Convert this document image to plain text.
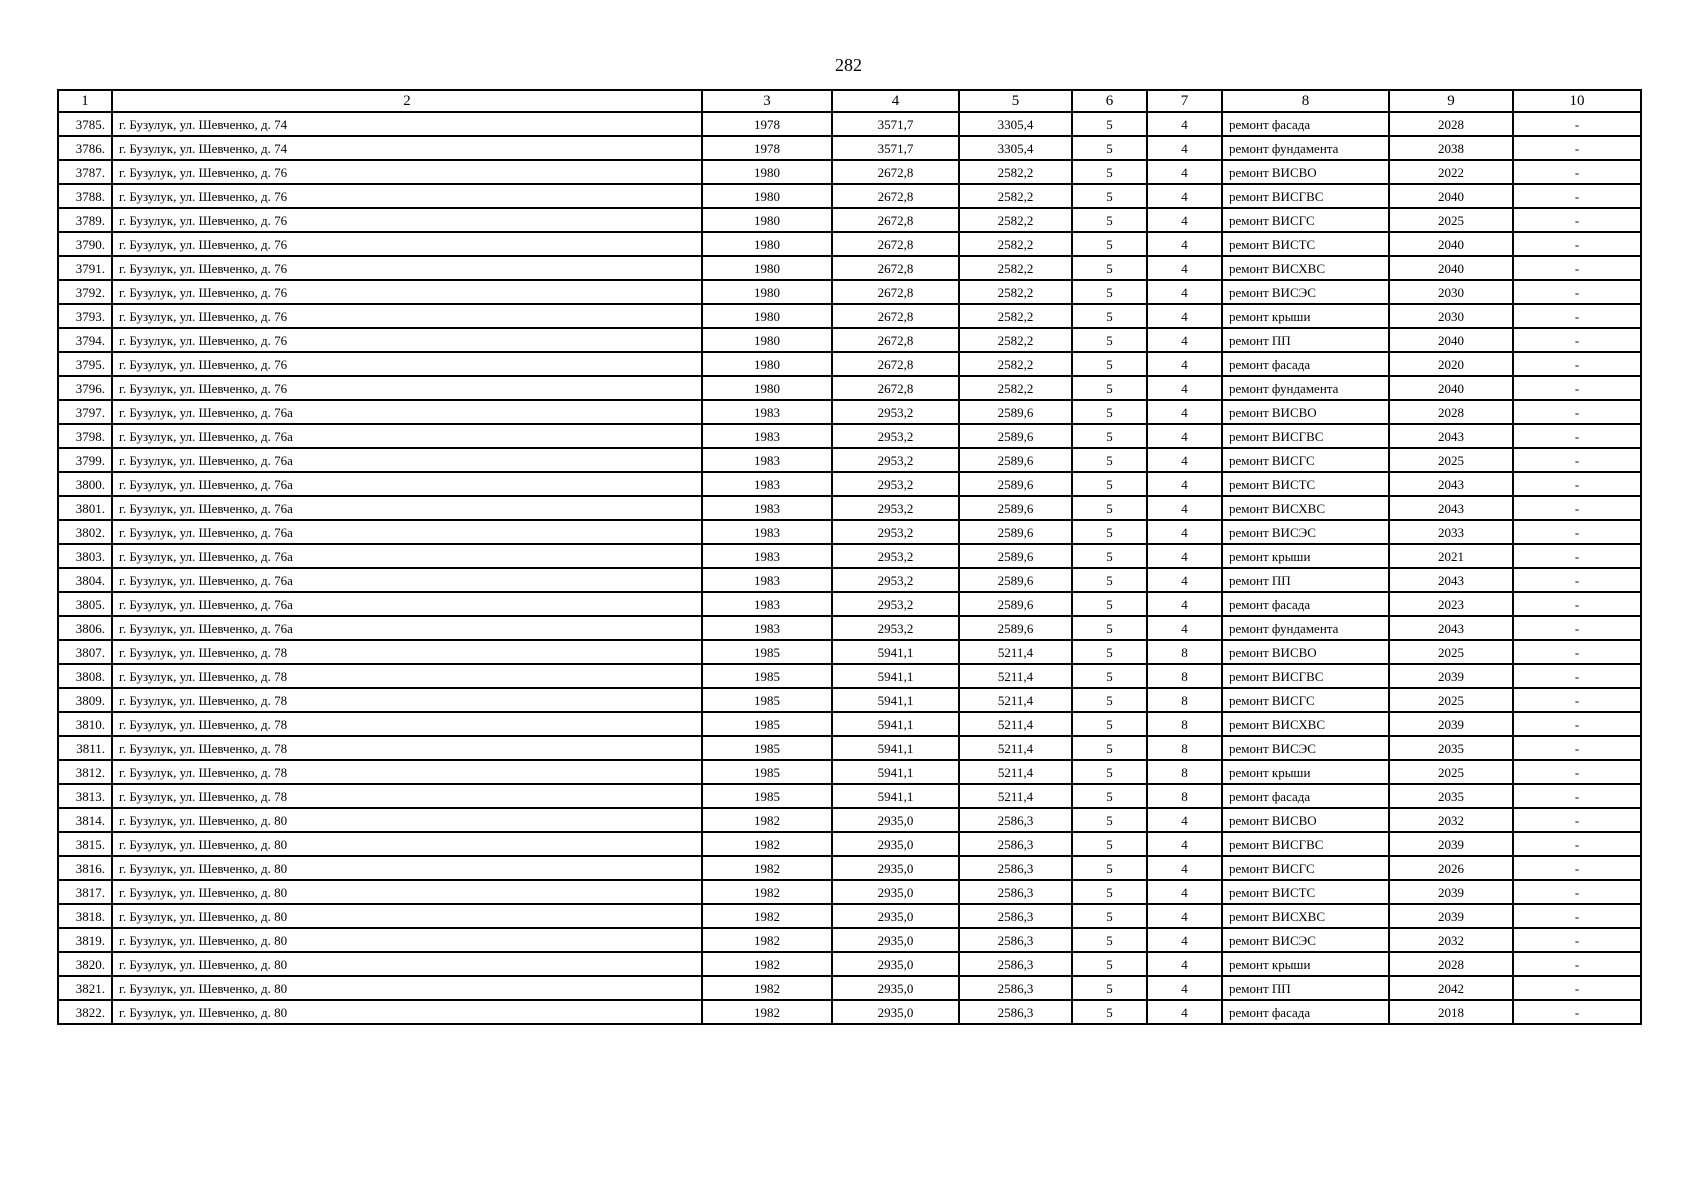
282
1	2	3	4	5	6	7	8	9	10
3785.	г. Бузулук, ул. Шевченко, д. 74	1978	3571,7	3305,4	5	4	ремонт фасада	2028	-
3786.	г. Бузулук, ул. Шевченко, д. 74	1978	3571,7	3305,4	5	4	ремонт фундамента	2038	-
3787.	г. Бузулук, ул. Шевченко, д. 76	1980	2672,8	2582,2	5	4	ремонт ВИСВО	2022	-
3788.	г. Бузулук, ул. Шевченко, д. 76	1980	2672,8	2582,2	5	4	ремонт ВИСГВС	2040	-
3789.	г. Бузулук, ул. Шевченко, д. 76	1980	2672,8	2582,2	5	4	ремонт ВИСГС	2025	-
3790.	г. Бузулук, ул. Шевченко, д. 76	1980	2672,8	2582,2	5	4	ремонт ВИСТС	2040	-
3791.	г. Бузулук, ул. Шевченко, д. 76	1980	2672,8	2582,2	5	4	ремонт ВИСХВС	2040	-
3792.	г. Бузулук, ул. Шевченко, д. 76	1980	2672,8	2582,2	5	4	ремонт ВИСЭС	2030	-
3793.	г. Бузулук, ул. Шевченко, д. 76	1980	2672,8	2582,2	5	4	ремонт крыши	2030	-
3794.	г. Бузулук, ул. Шевченко, д. 76	1980	2672,8	2582,2	5	4	ремонт ПП	2040	-
3795.	г. Бузулук, ул. Шевченко, д. 76	1980	2672,8	2582,2	5	4	ремонт фасада	2020	-
3796.	г. Бузулук, ул. Шевченко, д. 76	1980	2672,8	2582,2	5	4	ремонт фундамента	2040	-
3797.	г. Бузулук, ул. Шевченко, д. 76а	1983	2953,2	2589,6	5	4	ремонт ВИСВО	2028	-
3798.	г. Бузулук, ул. Шевченко, д. 76а	1983	2953,2	2589,6	5	4	ремонт ВИСГВС	2043	-
3799.	г. Бузулук, ул. Шевченко, д. 76а	1983	2953,2	2589,6	5	4	ремонт ВИСГС	2025	-
3800.	г. Бузулук, ул. Шевченко, д. 76а	1983	2953,2	2589,6	5	4	ремонт ВИСТС	2043	-
3801.	г. Бузулук, ул. Шевченко, д. 76а	1983	2953,2	2589,6	5	4	ремонт ВИСХВС	2043	-
3802.	г. Бузулук, ул. Шевченко, д. 76а	1983	2953,2	2589,6	5	4	ремонт ВИСЭС	2033	-
3803.	г. Бузулук, ул. Шевченко, д. 76а	1983	2953,2	2589,6	5	4	ремонт крыши	2021	-
3804.	г. Бузулук, ул. Шевченко, д. 76а	1983	2953,2	2589,6	5	4	ремонт ПП	2043	-
3805.	г. Бузулук, ул. Шевченко, д. 76а	1983	2953,2	2589,6	5	4	ремонт фасада	2023	-
3806.	г. Бузулук, ул. Шевченко, д. 76а	1983	2953,2	2589,6	5	4	ремонт фундамента	2043	-
3807.	г. Бузулук, ул. Шевченко, д. 78	1985	5941,1	5211,4	5	8	ремонт ВИСВО	2025	-
3808.	г. Бузулук, ул. Шевченко, д. 78	1985	5941,1	5211,4	5	8	ремонт ВИСГВС	2039	-
3809.	г. Бузулук, ул. Шевченко, д. 78	1985	5941,1	5211,4	5	8	ремонт ВИСГС	2025	-
3810.	г. Бузулук, ул. Шевченко, д. 78	1985	5941,1	5211,4	5	8	ремонт ВИСХВС	2039	-
3811.	г. Бузулук, ул. Шевченко, д. 78	1985	5941,1	5211,4	5	8	ремонт ВИСЭС	2035	-
3812.	г. Бузулук, ул. Шевченко, д. 78	1985	5941,1	5211,4	5	8	ремонт крыши	2025	-
3813.	г. Бузулук, ул. Шевченко, д. 78	1985	5941,1	5211,4	5	8	ремонт фасада	2035	-
3814.	г. Бузулук, ул. Шевченко, д. 80	1982	2935,0	2586,3	5	4	ремонт ВИСВО	2032	-
3815.	г. Бузулук, ул. Шевченко, д. 80	1982	2935,0	2586,3	5	4	ремонт ВИСГВС	2039	-
3816.	г. Бузулук, ул. Шевченко, д. 80	1982	2935,0	2586,3	5	4	ремонт ВИСГС	2026	-
3817.	г. Бузулук, ул. Шевченко, д. 80	1982	2935,0	2586,3	5	4	ремонт ВИСТС	2039	-
3818.	г. Бузулук, ул. Шевченко, д. 80	1982	2935,0	2586,3	5	4	ремонт ВИСХВС	2039	-
3819.	г. Бузулук, ул. Шевченко, д. 80	1982	2935,0	2586,3	5	4	ремонт ВИСЭС	2032	-
3820.	г. Бузулук, ул. Шевченко, д. 80	1982	2935,0	2586,3	5	4	ремонт крыши	2028	-
3821.	г. Бузулук, ул. Шевченко, д. 80	1982	2935,0	2586,3	5	4	ремонт ПП	2042	-
3822.	г. Бузулук, ул. Шевченко, д. 80	1982	2935,0	2586,3	5	4	ремонт фасада	2018	-
